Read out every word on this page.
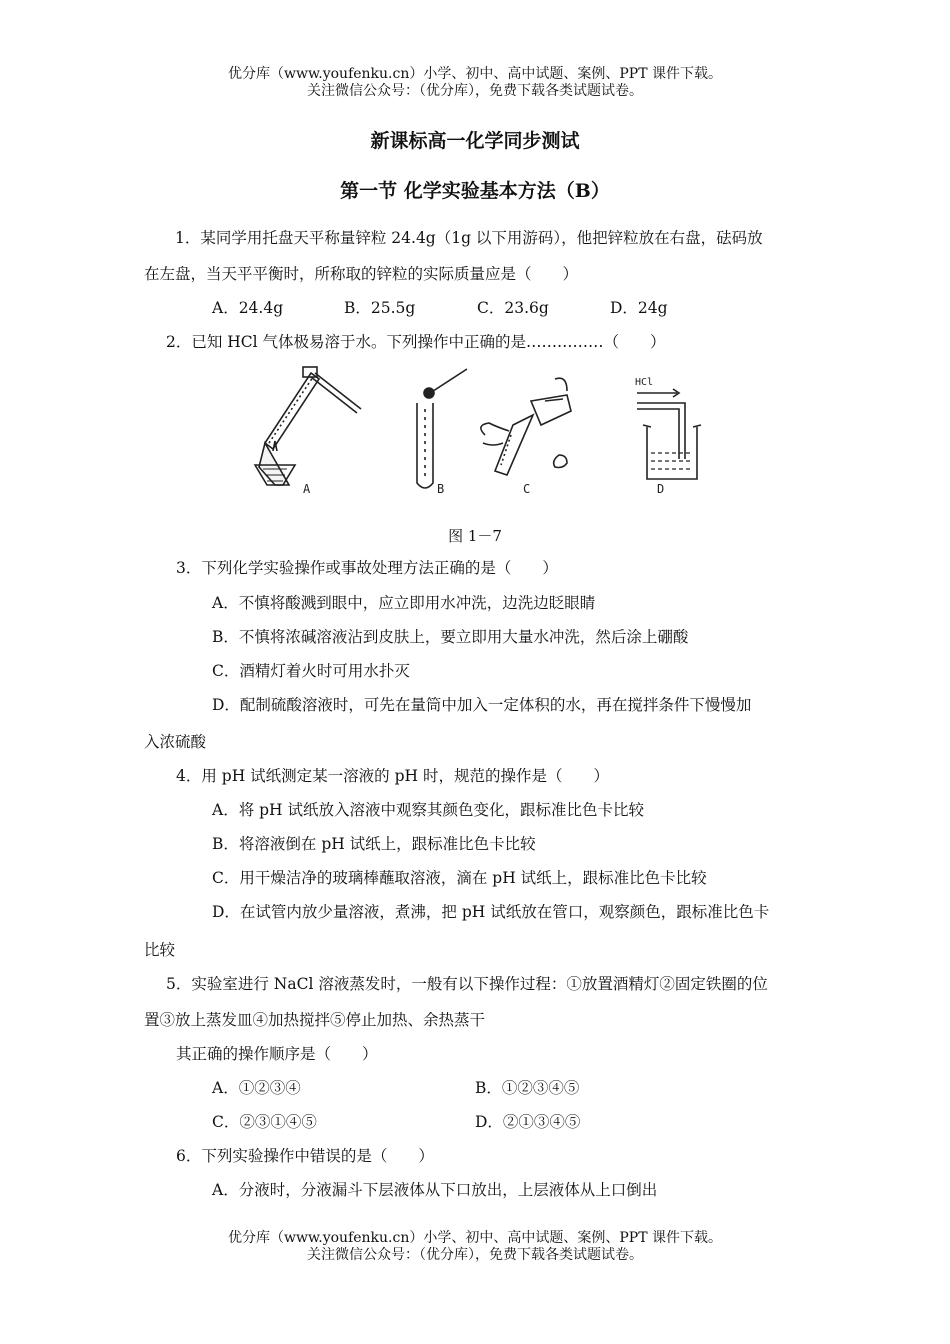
优分库（www.youfenku.cn）小学、初中、高中试题、案例、PPT 课件下载。
关注微信公众号：（优分库），免费下载各类试题试卷。
新课标高一化学同步测试
第一节 化学实验基本方法（B）
1．某同学用托盘天平称量锌粒 24.4g（1g 以下用游码），他把锌粒放在右盘，砝码放
在左盘，当天平平衡时，所称取的锌粒的实际质量应是（　　）
A．24.4g	B．25.5g	C．23.6g	D．24g
2．已知 HCl 气体极易溶于水。下列操作中正确的是……………（　　）
HCl
A	B	C	D
图 1－7
3．下列化学实验操作或事故处理方法正确的是（　　）
A．不慎将酸溅到眼中，应立即用水冲洗，边洗边眨眼睛
B．不慎将浓碱溶液沾到皮肤上，要立即用大量水冲洗，然后涂上硼酸
C．酒精灯着火时可用水扑灭
D．配制硫酸溶液时，可先在量筒中加入一定体积的水，再在搅拌条件下慢慢加
入浓硫酸
4．用 pH 试纸测定某一溶液的 pH 时，规范的操作是（　　）
A．将 pH 试纸放入溶液中观察其颜色变化，跟标准比色卡比较
B．将溶液倒在 pH 试纸上，跟标准比色卡比较
C．用干燥洁净的玻璃棒蘸取溶液，滴在 pH 试纸上，跟标准比色卡比较
D．在试管内放少量溶液，煮沸，把 pH 试纸放在管口，观察颜色，跟标准比色卡
比较
5．实验室进行 NaCl 溶液蒸发时，一般有以下操作过程：①放置酒精灯②固定铁圈的位
置③放上蒸发皿④加热搅拌⑤停止加热、余热蒸干
其正确的操作顺序是（　　）
A．①②③④	B．①②③④⑤
C．②③①④⑤	D．②①③④⑤
6．下列实验操作中错误的是（　　）
A．分液时，分液漏斗下层液体从下口放出，上层液体从上口倒出
优分库（www.youfenku.cn）小学、初中、高中试题、案例、PPT 课件下载。
关注微信公众号：（优分库），免费下载各类试题试卷。
